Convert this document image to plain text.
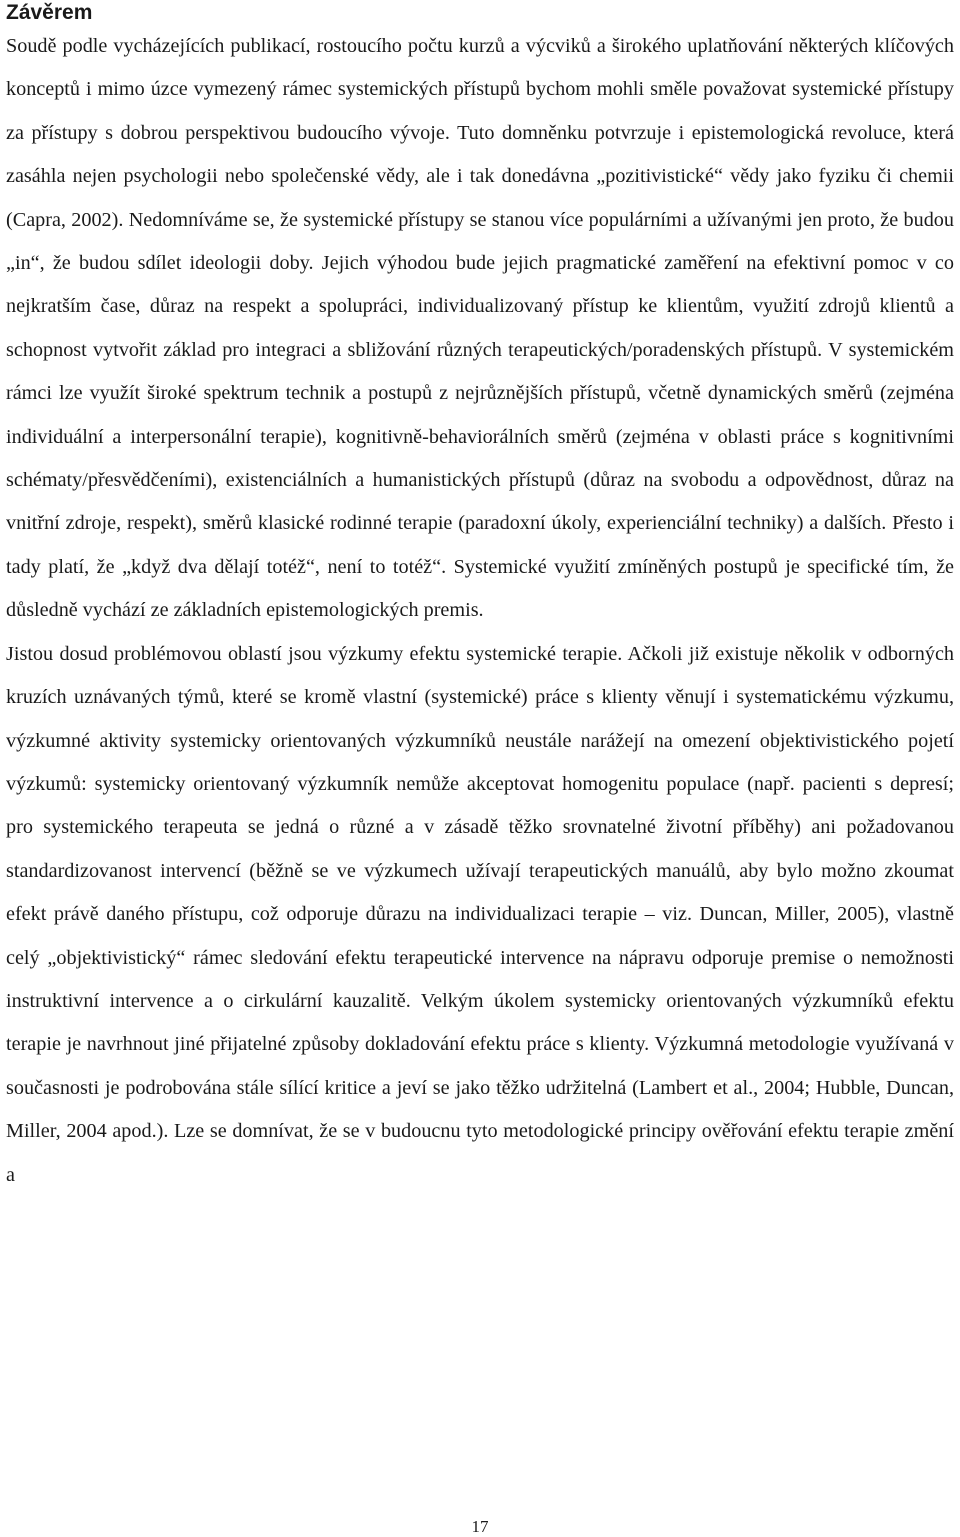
Závěrem

Soudě podle vycházejících publikací, rostoucího počtu kurzů a výcviků a širokého uplatňování některých klíčových konceptů i mimo úzce vymezený rámec systemických přístupů bychom mohli směle považovat systemické přístupy za přístupy s dobrou perspektivou budoucího vývoje. Tuto domněnku potvrzuje i epistemologická revoluce, která zasáhla nejen psychologii nebo společenské vědy, ale i tak donedávna „pozitivistické“ vědy jako fyziku či chemii (Capra, 2002). Nedomníváme se, že systemické přístupy se stanou více populárními a užívanými jen proto, že budou „in“, že budou sdílet ideologii doby. Jejich výhodou bude jejich pragmatické zaměření na efektivní pomoc v co nejkratším čase, důraz na respekt a spolupráci, individualizovaný přístup ke klientům, využití zdrojů klientů a schopnost vytvořit základ pro integraci a sbližování různých terapeutických/poradenských přístupů. V systemickém rámci lze využít široké spektrum technik a postupů z nejrůznějších přístupů, včetně dynamických směrů (zejména individuální a interpersonální terapie), kognitivně-behaviorálních směrů (zejména v oblasti práce s kognitivními schématy/přesvědčeními), existenciálních a humanistických přístupů (důraz na svobodu a odpovědnost, důraz na vnitřní zdroje, respekt), směrů klasické rodinné terapie (paradoxní úkoly, experienciální techniky) a dalších. Přesto i tady platí, že „když dva dělají totéž“, není to totéž“. Systemické využití zmíněných postupů je specifické tím, že důsledně vychází ze základních epistemologických premis.

Jistou dosud problémovou oblastí jsou výzkumy efektu systemické terapie. Ačkoli již existuje několik v odborných kruzích uznávaných týmů, které se kromě vlastní (systemické) práce s klienty věnují i systematickému výzkumu, výzkumné aktivity systemicky orientovaných výzkumníků neustále narážejí na omezení objektivistického pojetí výzkumů: systemicky orientovaný výzkumník nemůže akceptovat homogenitu populace (např. pacienti s depresí; pro systemického terapeuta se jedná o různé a v zásadě těžko srovnatelné životní příběhy) ani požadovanou standardizovanost intervencí (běžně se ve výzkumech užívají terapeutických manuálů, aby bylo možno zkoumat efekt právě daného přístupu, což odporuje důrazu na individualizaci terapie – viz. Duncan, Miller, 2005), vlastně celý „objektivistický“ rámec sledování efektu terapeutické intervence na nápravu odporuje premise o nemožnosti instruktivní intervence a o cirkulární kauzalitě. Velkým úkolem systemicky orientovaných výzkumníků efektu terapie je navrhnout jiné přijatelné způsoby dokladování efektu práce s klienty. Výzkumná metodologie využívaná v současnosti je podrobována stále sílící kritice a jeví se jako těžko udržitelná (Lambert et al., 2004; Hubble, Duncan, Miller, 2004 apod.). Lze se domnívat, že se v budoucnu tyto metodologické principy ověřování efektu terapie změní a

17
